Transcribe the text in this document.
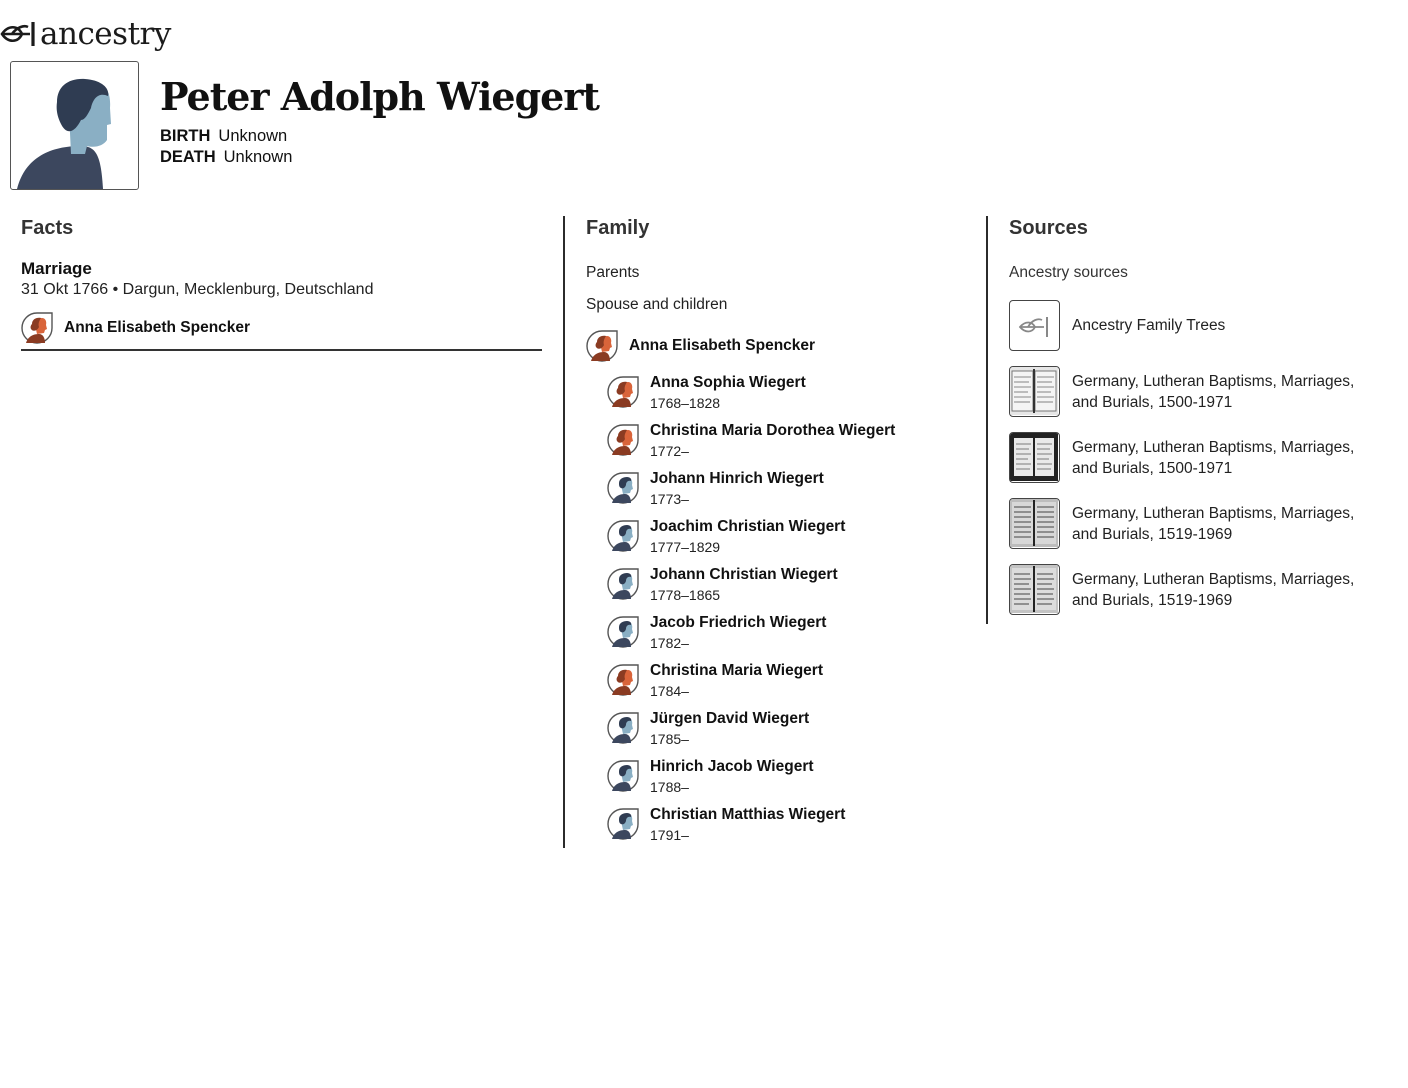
ancestry
Peter Adolph Wiegert
BIRTH Unknown
DEATH Unknown
Facts
Marriage
31 Okt 1766 • Dargun, Mecklenburg, Deutschland
Anna Elisabeth Spencker
Family
Parents
Spouse and children
Anna Elisabeth Spencker
Anna Sophia Wiegert
1768–1828
Christina Maria Dorothea Wiegert
1772–
Johann Hinrich Wiegert
1773–
Joachim Christian Wiegert
1777–1829
Johann Christian Wiegert
1778–1865
Jacob Friedrich Wiegert
1782–
Christina Maria Wiegert
1784–
Jürgen David Wiegert
1785–
Hinrich Jacob Wiegert
1788–
Christian Matthias Wiegert
1791–
Sources
Ancestry sources
Ancestry Family Trees
Germany, Lutheran Baptisms, Marriages, and Burials, 1500-1971
Germany, Lutheran Baptisms, Marriages, and Burials, 1500-1971
Germany, Lutheran Baptisms, Marriages, and Burials, 1519-1969
Germany, Lutheran Baptisms, Marriages, and Burials, 1519-1969
